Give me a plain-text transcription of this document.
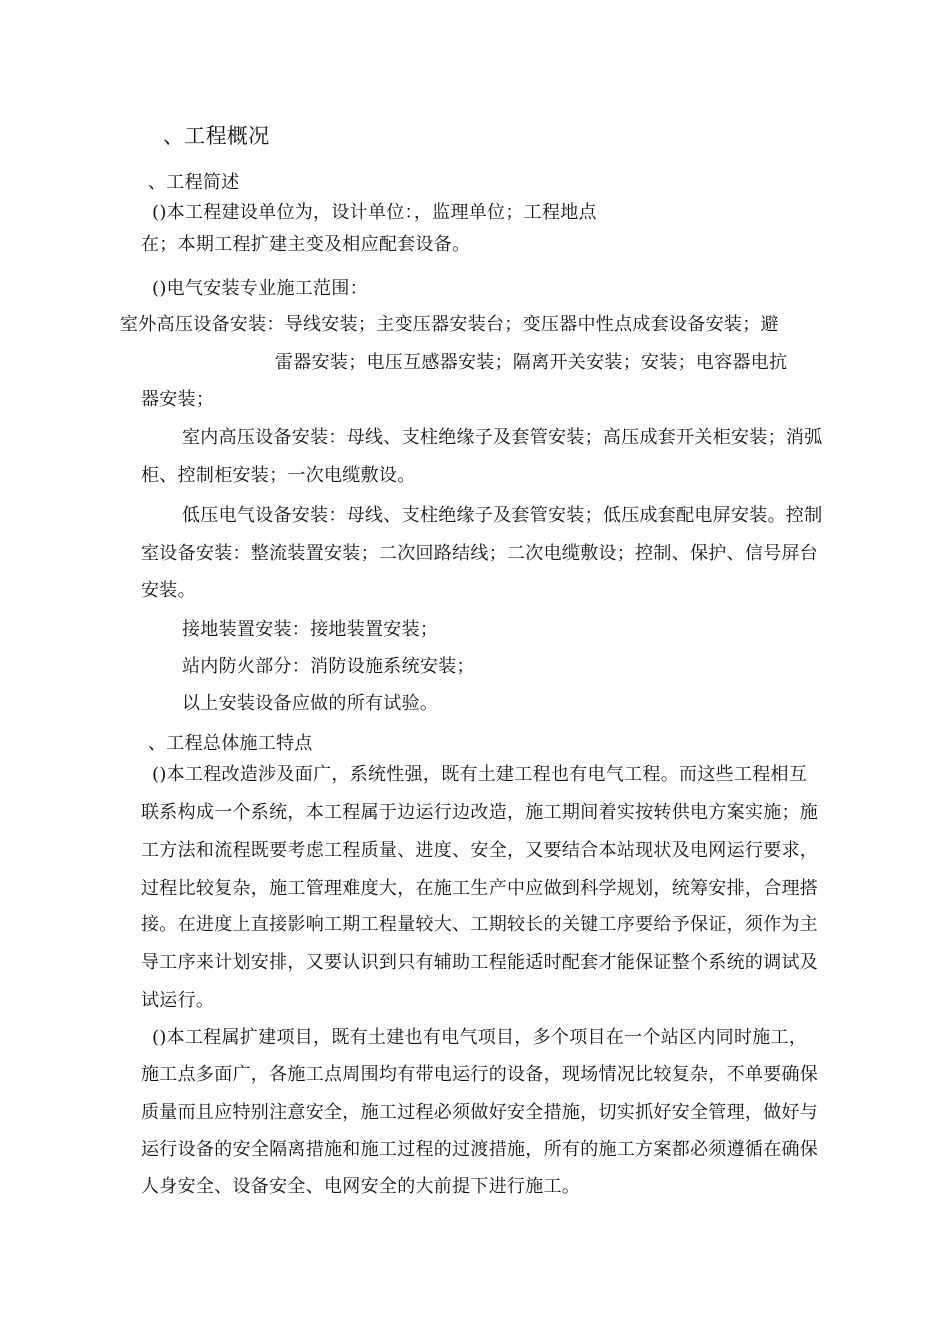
、工程概况
、工程简述
()本工程建设单位为，设计单位：，监理单位；工程地点
在；本期工程扩建主变及相应配套设备。
()电气安装专业施工范围：
室外高压设备安装：导线安装；主变压器安装台；变压器中性点成套设备安装；避
雷器安装；电压互感器安装；隔离开关安装；安装；电容器电抗
器安装；
室内高压设备安装：母线、支柱绝缘子及套管安装；高压成套开关柜安装；消弧
柜、控制柜安装；一次电缆敷设。
低压电气设备安装：母线、支柱绝缘子及套管安装；低压成套配电屏安装。控制
室设备安装：整流装置安装；二次回路结线；二次电缆敷设；控制、保护、信号屏台
安装。
接地装置安装：接地装置安装；
站内防火部分：消防设施系统安装；
以上安装设备应做的所有试验。
、工程总体施工特点
()本工程改造涉及面广，系统性强，既有土建工程也有电气工程。而这些工程相互
联系构成一个系统，本工程属于边运行边改造，施工期间着实按转供电方案实施；施
工方法和流程既要考虑工程质量、进度、安全，又要结合本站现状及电网运行要求，
过程比较复杂，施工管理难度大，在施工生产中应做到科学规划，统筹安排，合理搭
接。在进度上直接影响工期工程量较大、工期较长的关键工序要给予保证，须作为主
导工序来计划安排，又要认识到只有辅助工程能适时配套才能保证整个系统的调试及
试运行。
()本工程属扩建项目，既有土建也有电气项目，多个项目在一个站区内同时施工，
施工点多面广，各施工点周围均有带电运行的设备，现场情况比较复杂，不单要确保
质量而且应特别注意安全，施工过程必须做好安全措施，切实抓好安全管理，做好与
运行设备的安全隔离措施和施工过程的过渡措施，所有的施工方案都必须遵循在确保
人身安全、设备安全、电网安全的大前提下进行施工。
